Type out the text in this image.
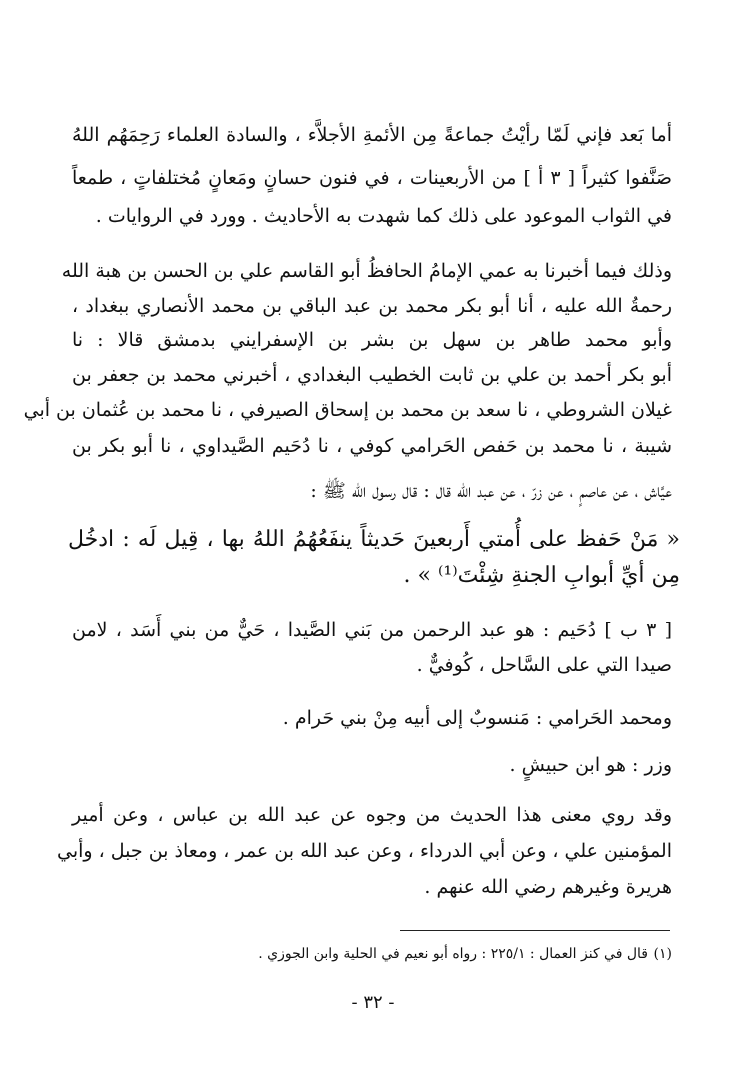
أما بَعد فإني لَمّا رأيْتُ جماعةً مِن الأئمةِ الأجلاَّء ، والسادة العلماء رَحِمَهُم اللهُ
صَنَّفوا كثيراً [ ٣ أ ] من الأربعينات ، في فنون حسانٍ ومَعانٍ مُختلفاتٍ ، طمعاً
في الثواب الموعود على ذلك كما شهدت به الأحاديث . وورد في الروايات .
وذلك فيما أخبرنا به عمي الإمامُ الحافظُ أبو القاسم علي بن الحسن بن هبة الله
رحمةُ الله عليه ، أنا أبو بكر محمد بن عبد الباقي بن محمد الأنصاري ببغداد ،
وأبو محمد طاهر بن سهل بن بشر بن الإسفرايني بدمشق قالا : نا
أبو بكر أحمد بن علي بن ثابت الخطيب البغدادي ، أخبرني محمد بن جعفر بن
غيلان الشروطي ، نا سعد بن محمد بن إسحاق الصيرفي ، نا محمد بن عُثمان بن أبي
شيبة ، نا محمد بن حَفص الحَرامي كوفي ، نا دُحَيم الصَّيداوي ، نا أبو بكر بن
عيَّاش ، عن عاصمٍ ، عن زرّ ، عن عبد الله قال : قال رسول الله ﷺ :
« مَنْ حَفظ على أُمتي أَربعينَ حَديثاً ينفَعُهُمُ اللهُ بها ، قِيل لَه : ادخُل
مِن أيِّ أبوابِ الجنةِ شِئْتَ⁽¹⁾ » .
[ ٣ ب ] دُحَيم : هو عبد الرحمن من بَني الصَّيدا ، حَيٌّ من بني أَسَد ، لامن
صيدا التي على السَّاحل ، كُوفيٌّ .
ومحمد الحَرامي : مَنسوبٌ إلى أبيه مِنْ بني حَرام .
وزر : هو ابن حبيشٍ .
وقد روي معنى هذا الحديث من وجوه عن عبد الله بن عباس ، وعن أمير
المؤمنين علي ، وعن أبي الدرداء ، وعن عبد الله بن عمر ، ومعاذ بن جبل ، وأبي
هريرة وغيرهم رضي الله عنهم .
(١)
قال في كنز العمال : ٢٢٥/١ : رواه أبو نعيم في الحلية وابن الجوزي .
- ٣٢ -
